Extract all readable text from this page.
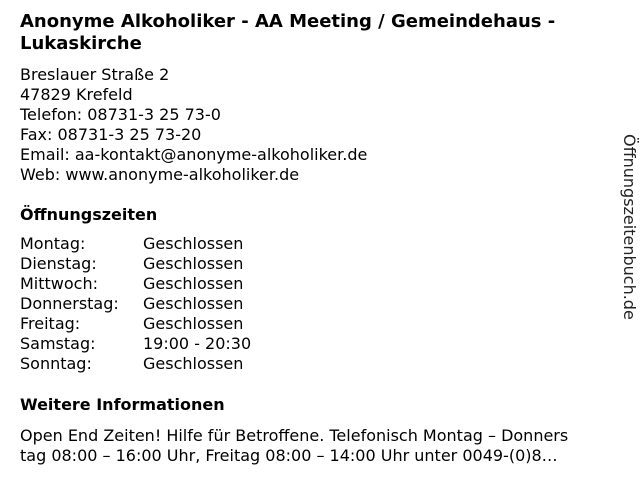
Anonyme Alkoholiker - AA Meeting / Gemeindehaus - Lukaskirche
Breslauer Straße 2
47829 Krefeld
Telefon: 08731-3 25 73-0
Fax: 08731-3 25 73-20
Email: aa-kontakt@anonyme-alkoholiker.de
Web: www.anonyme-alkoholiker.de
Öffnungszeiten
Montag:	Geschlossen
Dienstag:	Geschlossen
Mittwoch:	Geschlossen
Donnerstag: Geschlossen
Freitag:	Geschlossen
Samstag:	19:00 - 20:30
Sonntag:	Geschlossen
Weitere Informationen
Open End Zeiten! Hilfe für Betroffene. Telefonisch Montag – Donners
tag 08:00 – 16:00 Uhr, Freitag 08:00 – 14:00 Uhr unter 0049-(0)8…
Öffnungszeitenbuch.de
